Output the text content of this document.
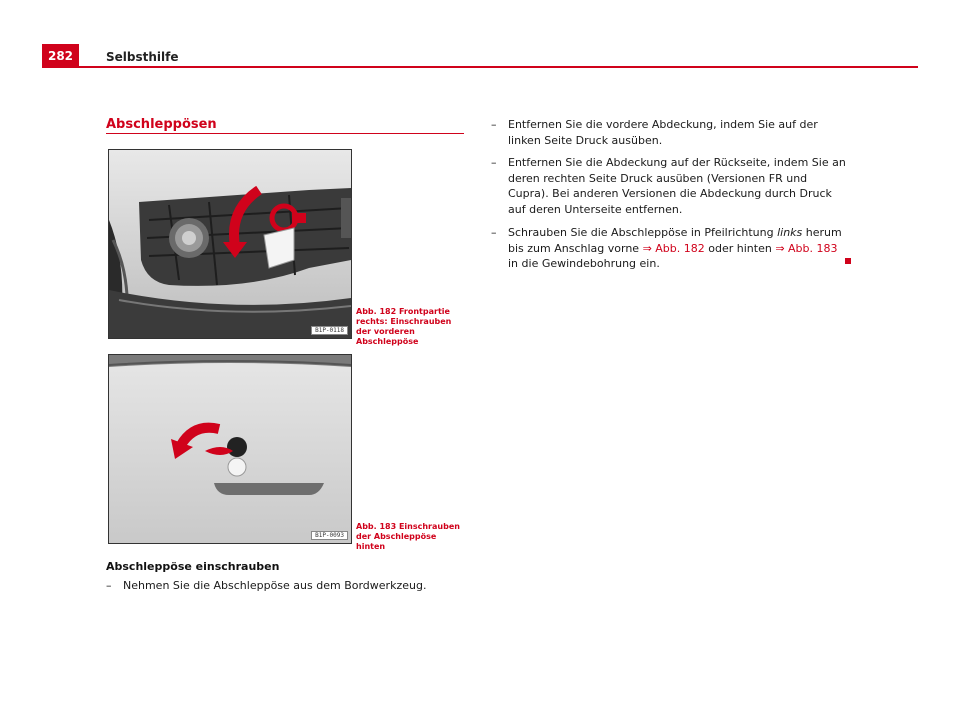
282	Selbsthilfe
Abschleppösen
B1P-0118
Abb. 182 Frontpartie rechts: Einschrauben der vorderen Abschleppöse
B1P-0093
Abb. 183 Einschrauben der Abschleppöse hinten
Abschleppöse einschrauben
–	Nehmen Sie die Abschleppöse aus dem Bordwerkzeug.
–	Entfernen Sie die vordere Abdeckung, indem Sie auf der linken Seite Druck ausüben.
–	Entfernen Sie die Abdeckung auf der Rückseite, indem Sie an deren rechten Seite Druck ausüben (Versionen FR und Cupra). Bei anderen Versionen die Abdeckung durch Druck auf deren Unterseite entfernen.
–	Schrauben Sie die Abschleppöse in Pfeilrichtung links herum bis zum Anschlag vorne ⇒ Abb. 182 oder hinten ⇒ Abb. 183 in die Gewindebohrung ein.
